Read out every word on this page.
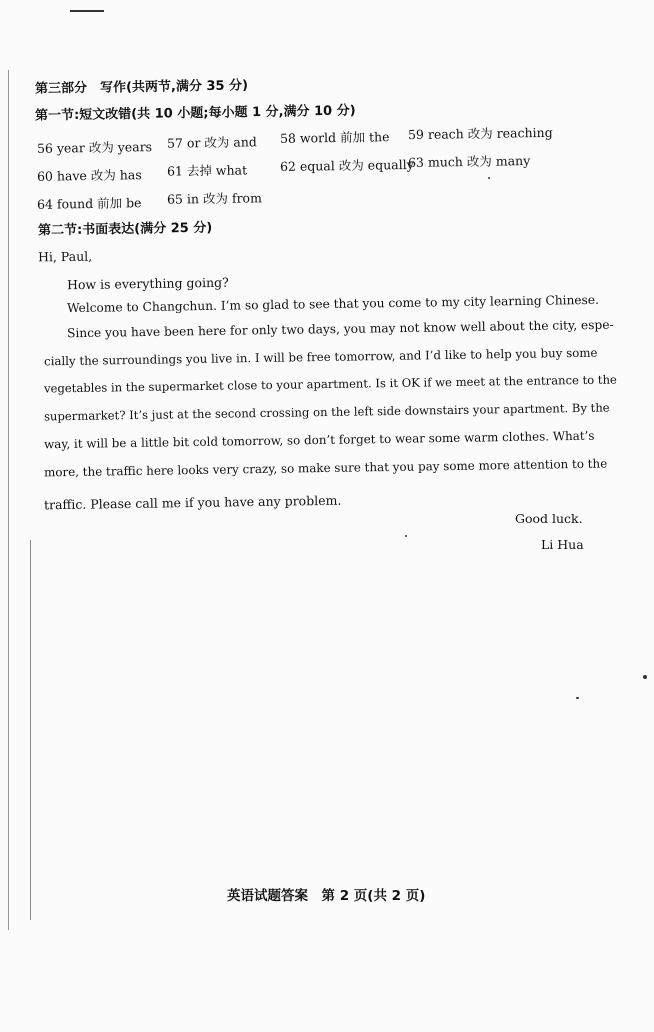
第三部分　写作(共两节,满分 35 分)
第一节:短文改错(共 10 小题;每小题 1 分,满分 10 分)
56 year 改为 years 57 or 改为 and 58 world 前加 the 59 reach 改为 reaching
60 have 改为 has 61 去掉 what	62 equal 改为 equally
63 much 改为 many
64 found 前加 be 65 in 改为 from
第二节:书面表达(满分 25 分)
Hi, Paul,
How is everything going?
Welcome to Changchun. I’m so glad to see that you come to my city learning Chinese.
Since you have been here for only two days, you may not know well about the city, espe-
cially the surroundings you live in. I will be free tomorrow, and I’d like to help you buy some
vegetables in the supermarket close to your apartment. Is it OK if we meet at the entrance to the
supermarket? It’s just at the second crossing on the left side downstairs your apartment. By the
way, it will be a little bit cold tomorrow, so don’t forget to wear some warm clothes. What’s
more, the traffic here looks very crazy, so make sure that you pay some more attention to the
traffic. Please call me if you have any problem.
Good luck.
Li Hua
英语试题答案　第 2 页(共 2 页)
